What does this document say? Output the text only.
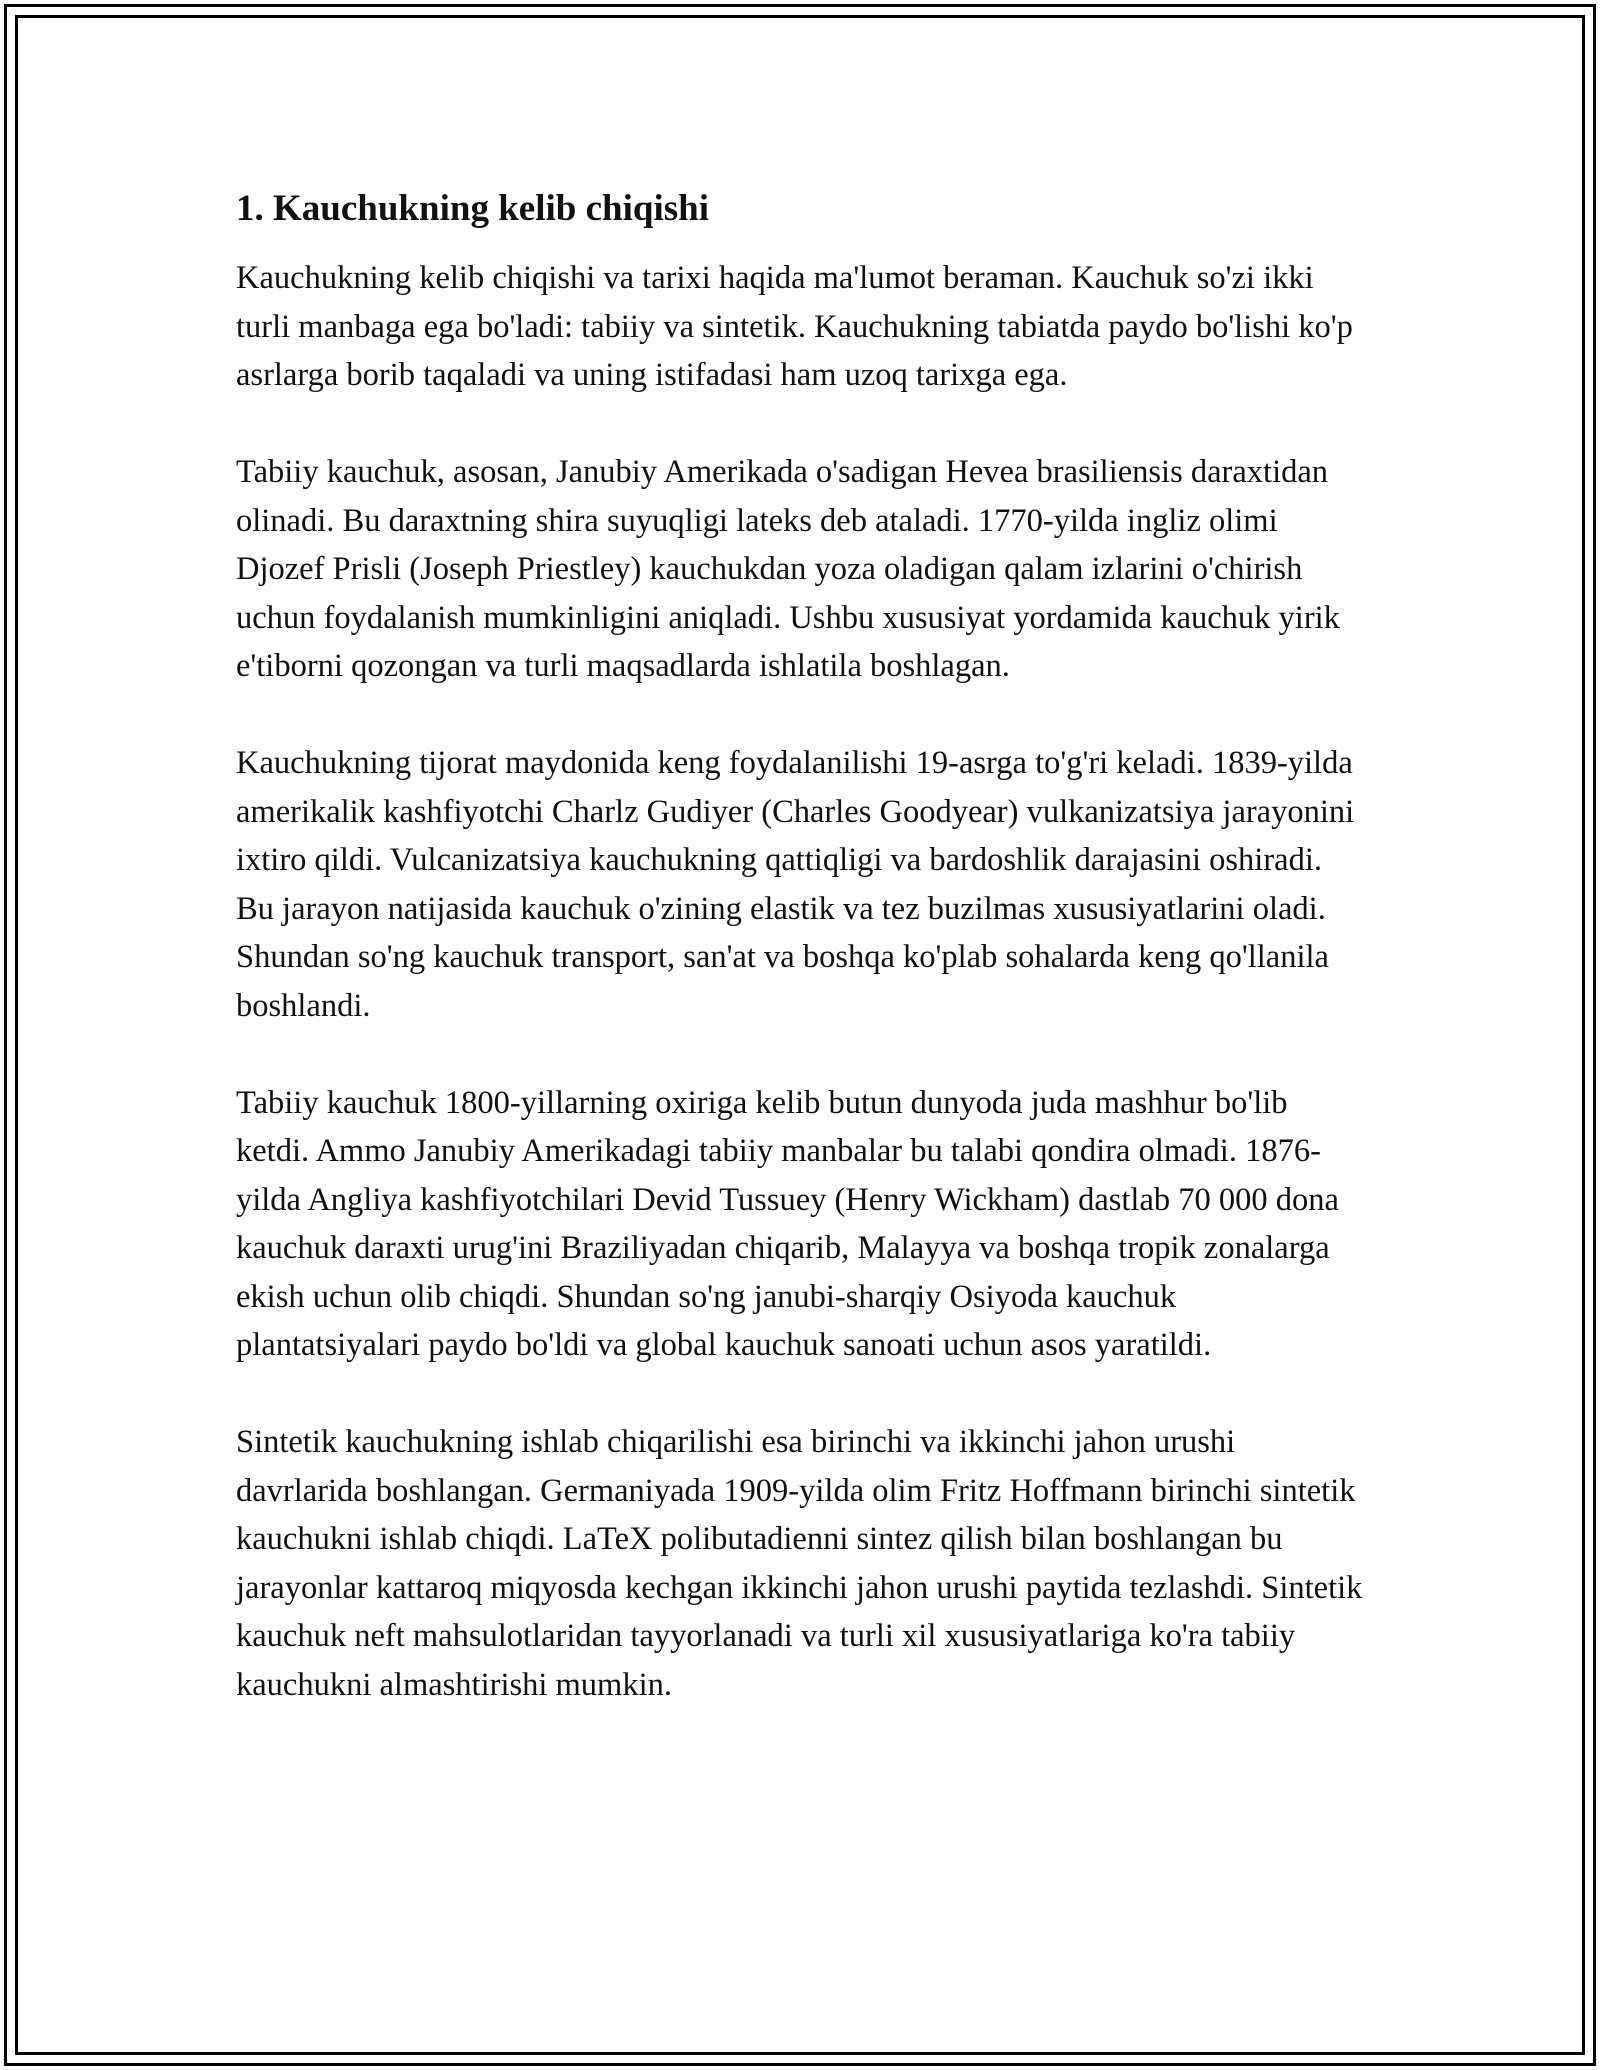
1. Kauchukning kelib chiqishi

Kauchukning kelib chiqishi va tarixi haqida ma'lumot beraman. Kauchuk so'zi ikki turli manbaga ega bo'ladi: tabiiy va sintetik. Kauchukning tabiatda paydo bo'lishi ko'p asrlarga borib taqaladi va uning istifadasi ham uzoq tarixga ega.

Tabiiy kauchuk, asosan, Janubiy Amerikada o'sadigan Hevea brasiliensis daraxtidan olinadi. Bu daraxtning shira suyuqligi lateks deb ataladi. 1770-yilda ingliz olimi Djozef Prisli (Joseph Priestley) kauchukdan yoza oladigan qalam izlarini o'chirish uchun foydalanish mumkinligini aniqladi. Ushbu xususiyat yordamida kauchuk yirik e'tiborni qozongan va turli maqsadlarda ishlatila boshlagan.

Kauchukning tijorat maydonida keng foydalanilishi 19-asrga to'g'ri keladi. 1839-yilda amerikalik kashfiyotchi Charlz Gudiyer (Charles Goodyear) vulkanizatsiya jarayonini ixtiro qildi. Vulcanizatsiya kauchukning qattiqligi va bardoshlik darajasini oshiradi. Bu jarayon natijasida kauchuk o'zining elastik va tez buzilmas xususiyatlarini oladi. Shundan so'ng kauchuk transport, san'at va boshqa ko'plab sohalarda keng qo'llanila boshlandi.

Tabiiy kauchuk 1800-yillarning oxiriga kelib butun dunyoda juda mashhur bo'lib ketdi. Ammo Janubiy Amerikadagi tabiiy manbalar bu talabi qondira olmadi. 1876-yilda Angliya kashfiyotchilari Devid Tussuey (Henry Wickham) dastlab 70 000 dona kauchuk daraxti urug'ini Braziliyadan chiqarib, Malayya va boshqa tropik zonalarga ekish uchun olib chiqdi. Shundan so'ng janubi-sharqiy Osiyoda kauchuk plantatsiyalari paydo bo'ldi va global kauchuk sanoati uchun asos yaratildi.

Sintetik kauchukning ishlab chiqarilishi esa birinchi va ikkinchi jahon urushi davrlarida boshlangan. Germaniyada 1909-yilda olim Fritz Hoffmann birinchi sintetik kauchukni ishlab chiqdi. LaTeX polibutadienni sintez qilish bilan boshlangan bu jarayonlar kattaroq miqyosda kechgan ikkinchi jahon urushi paytida tezlashdi. Sintetik kauchuk neft mahsulotlaridan tayyorlanadi va turli xil xususiyatlariga ko'ra tabiiy kauchukni almashtirishi mumkin.
